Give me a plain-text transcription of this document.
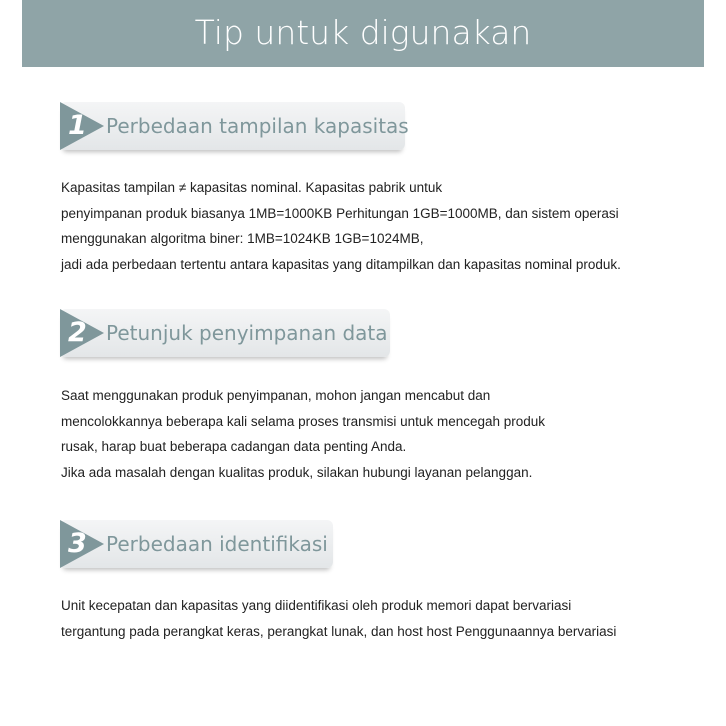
Tip untuk digunakan
1 Perbedaan tampilan kapasitas
Kapasitas tampilan ≠ kapasitas nominal. Kapasitas pabrik untuk
penyimpanan produk biasanya 1MB=1000KB Perhitungan 1GB=1000MB, dan sistem operasi
menggunakan algoritma biner: 1MB=1024KB 1GB=1024MB,
jadi ada perbedaan tertentu antara kapasitas yang ditampilkan dan kapasitas nominal produk.
2 Petunjuk penyimpanan data
Saat menggunakan produk penyimpanan, mohon jangan mencabut dan
mencolokkannya beberapa kali selama proses transmisi untuk mencegah produk
rusak, harap buat beberapa cadangan data penting Anda.
Jika ada masalah dengan kualitas produk, silakan hubungi layanan pelanggan.
3 Perbedaan identifikasi
Unit kecepatan dan kapasitas yang diidentifikasi oleh produk memori dapat bervariasi
tergantung pada perangkat keras, perangkat lunak, dan host host Penggunaannya bervariasi
